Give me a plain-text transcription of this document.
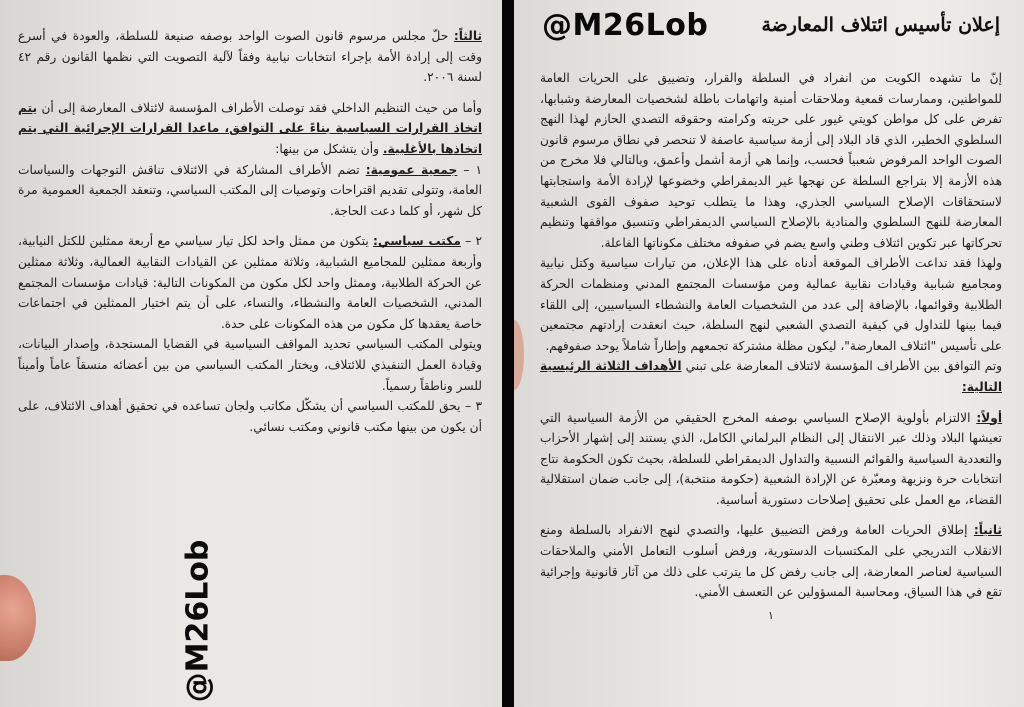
ثالثاً: حلّ مجلس مرسوم قانون الصوت الواحد بوصفه صنيعة للسلطة، والعودة في أسرع وقت إلى إرادة الأمة بإجراء انتخابات نيابية وفقاً لآلية التصويت التي نظمها القانون رقم ٤٢ لسنة ٢٠٠٦.

وأما من حيث التنظيم الداخلي فقد توصلت الأطراف المؤسسة لائتلاف المعارضة إلى أن يتم اتخاذ القرارات السياسية بناءً على التوافق، ماعدا القرارات الإجرائية التي يتم اتخاذها بالأغلبية. وأن يتشكل من بينها:

١ – جمعية عمومية: تضم الأطراف المشاركة في الائتلاف تناقش التوجهات والسياسات العامة، وتتولى تقديم اقتراحات وتوصيات إلى المكتب السياسي، وتنعقد الجمعية العمومية مرة كل شهر، أو كلما دعت الحاجة.

٢ – مكتب سياسي: يتكون من ممثل واحد لكل تيار سياسي مع أربعة ممثلين للكتل النيابية، وأربعة ممثلين للمجاميع الشبابية، وثلاثة ممثلين عن القيادات النقابية العمالية، وثلاثة ممثلين عن الحركة الطلابية، وممثل واحد لكل مكون من المكونات التالية: قيادات مؤسسات المجتمع المدني، الشخصيات العامة والنشطاء، والنساء، على أن يتم اختيار الممثلين في اجتماعات خاصة يعقدها كل مكون من هذه المكونات على حدة.

ويتولى المكتب السياسي تحديد المواقف السياسية في القضايا المستجدة، وإصدار البيانات، وقيادة العمل التنفيذي للائتلاف، ويختار المكتب السياسي من بين أعضائه منسقاً عاماً وأميناً للسر وناطقاً رسمياً.

٣ – يحق للمكتب السياسي أن يشكّل مكاتب ولجان تساعده في تحقيق أهداف الائتلاف، على أن يكون من بينها مكتب قانوني ومكتب نسائي.

@M26Lob
@M26Lob	إعلان تأسيس ائتلاف المعارضة

إنّ ما تشهده الكويت من انفراد في السلطة والقرار، وتضييق على الحريات العامة للمواطنين، وممارسات قمعية وملاحقات أمنية واتهامات باطلة لشخصيات المعارضة وشبابها، تفرض على كل مواطن كويتي غيور على حريته وكرامته وحقوقه التصدي الحازم لهذا النهج السلطوي الخطير، الذي قاد البلاد إلى أزمة سياسية عاصفة لا تنحصر في نطاق مرسوم قانون الصوت الواحد المرفوض شعبياً فحسب، وإنما هي أزمة أشمل وأعمق، وبالتالي فلا مخرج من هذه الأزمة إلا بتراجع السلطة عن نهجها غير الديمقراطي وخضوعها لإرادة الأمة واستجابتها لاستحقاقات الإصلاح السياسي الجذري، وهذا ما يتطلب توحيد صفوف القوى الشعبية المعارضة للنهج السلطوي والمنادية بالإصلاح السياسي الديمقراطي وتنسيق مواقفها وتنظيم تحركاتها عبر تكوين ائتلاف وطني واسع يضم في صفوفه مختلف مكوناتها الفاعلة.

ولهذا فقد تداعت الأطراف الموقعة أدناه على هذا الإعلان، من تيارات سياسية وكتل نيابية ومجاميع شبابية وقيادات نقابية عمالية ومن مؤسسات المجتمع المدني ومنظمات الحركة الطلابية وقوائمها، بالإضافة إلى عدد من الشخصيات العامة والنشطاء السياسيين، إلى اللقاء فيما بينها للتداول في كيفية التصدي الشعبي لنهج السلطة، حيث انعقدت إرادتهم مجتمعين على تأسيس "ائتلاف المعارضة"، ليكون مظلة مشتركة تجمعهم وإطاراً شاملاً يوحد صفوفهم.

وتم التوافق بين الأطراف المؤسسة لائتلاف المعارضة على تبني الأهداف الثلاثة الرئيسية التالية:

أولاً: الالتزام بأولوية الإصلاح السياسي بوصفه المخرج الحقيقي من الأزمة السياسية التي تعيشها البلاد وذلك عبر الانتقال إلى النظام البرلماني الكامل، الذي يستند إلى إشهار الأحزاب والتعددية السياسية والقوائم النسبية والتداول الديمقراطي للسلطة، بحيث تكون الحكومة نتاج انتخابات حرة ونزيهة ومعبّرة عن الإرادة الشعبية (حكومة منتخبة)، إلى جانب ضمان استقلالية القضاء، مع العمل على تحقيق إصلاحات دستورية أساسية.

ثانياً: إطلاق الحريات العامة ورفض التضييق عليها، والتصدي لنهج الانفراد بالسلطة ومنع الانقلاب التدريجي على المكتسبات الدستورية، ورفض أسلوب التعامل الأمني والملاحقات السياسية لعناصر المعارضة، إلى جانب رفض كل ما يترتب على ذلك من آثار قانونية وإجرائية تقع في هذا السياق، ومحاسبة المسؤولين عن التعسف الأمني.

١
